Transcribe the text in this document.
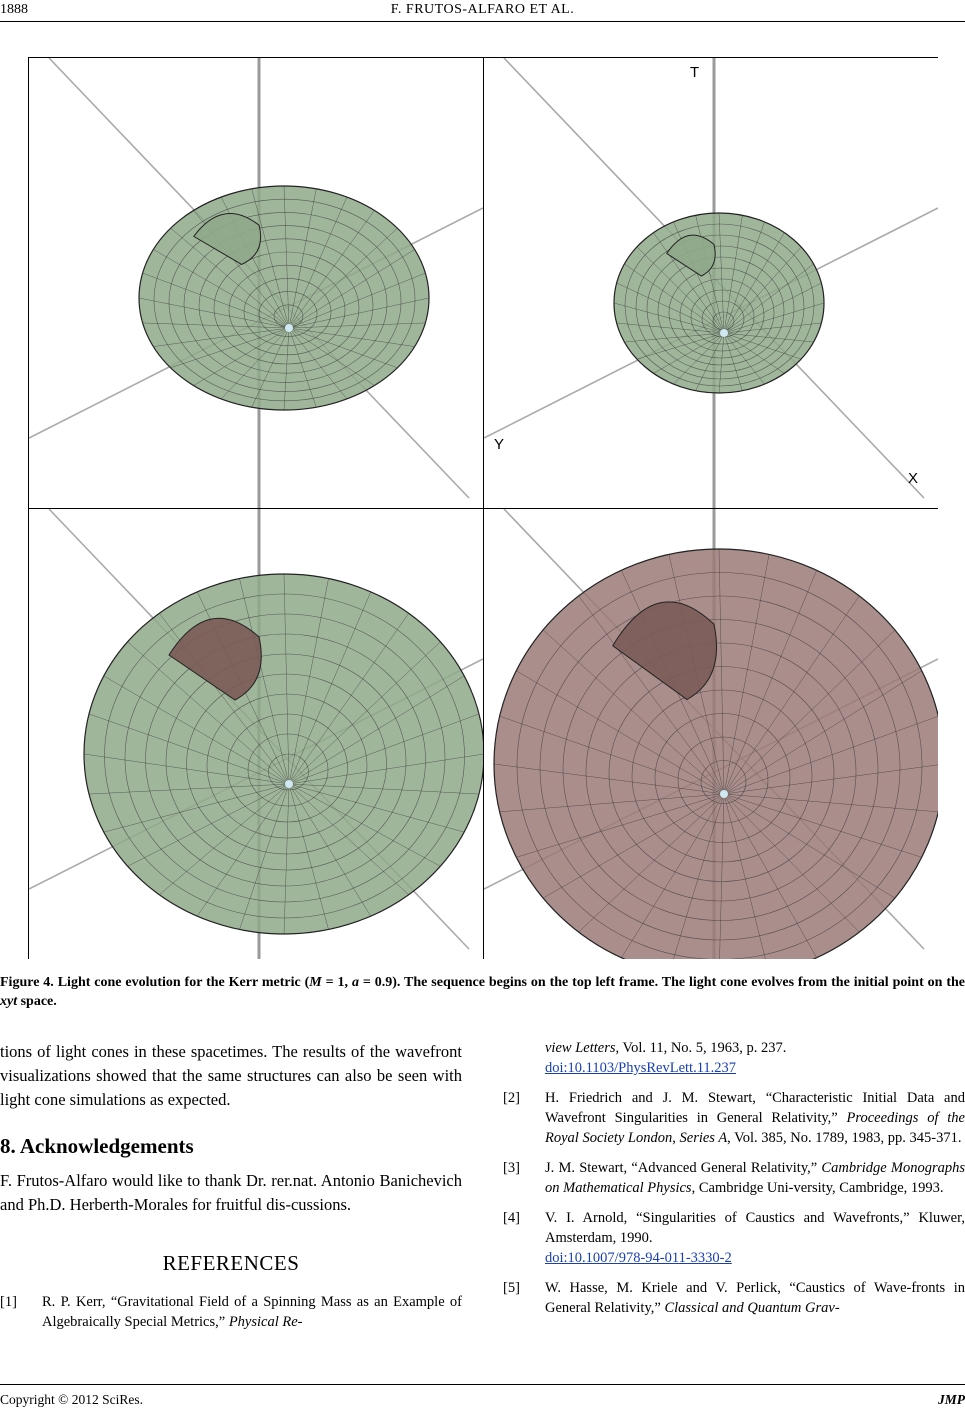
1888	F. FRUTOS-ALFARO ET AL.
T
Y
X
Figure 4. Light cone evolution for the Kerr metric (M = 1, a = 0.9). The sequence begins on the top left frame. The light cone evolves from the initial point on the xyt space.

tions of light cones in these spacetimes. The results of the wavefront visualizations showed that the same structures can also be seen with light cone simulations as expected.

8. Acknowledgements

F. Frutos-Alfaro would like to thank Dr. rer.nat. Antonio Banichevich and Ph.D. Herberth-Morales for fruitful dis-cussions.

REFERENCES
[1] R. P. Kerr, “Gravitational Field of a Spinning Mass as an Example of Algebraically Special Metrics,” Physical Re-
view Letters, Vol. 11, No. 5, 1963, p. 237.
doi:10.1103/PhysRevLett.11.237
[2] H. Friedrich and J. M. Stewart, “Characteristic Initial Data and Wavefront Singularities in General Relativity,” Proceedings of the Royal Society London, Series A, Vol. 385, No. 1789, 1983, pp. 345-371.
[3] J. M. Stewart, “Advanced General Relativity,” Cambridge Monographs on Mathematical Physics, Cambridge Uni-versity, Cambridge, 1993.
[4] V. I. Arnold, “Singularities of Caustics and Wavefronts,” Kluwer, Amsterdam, 1990.
doi:10.1007/978-94-011-3330-2
[5] W. Hasse, M. Kriele and V. Perlick, “Caustics of Wave-fronts in General Relativity,” Classical and Quantum Grav-
Copyright © 2012 SciRes.	JMP
